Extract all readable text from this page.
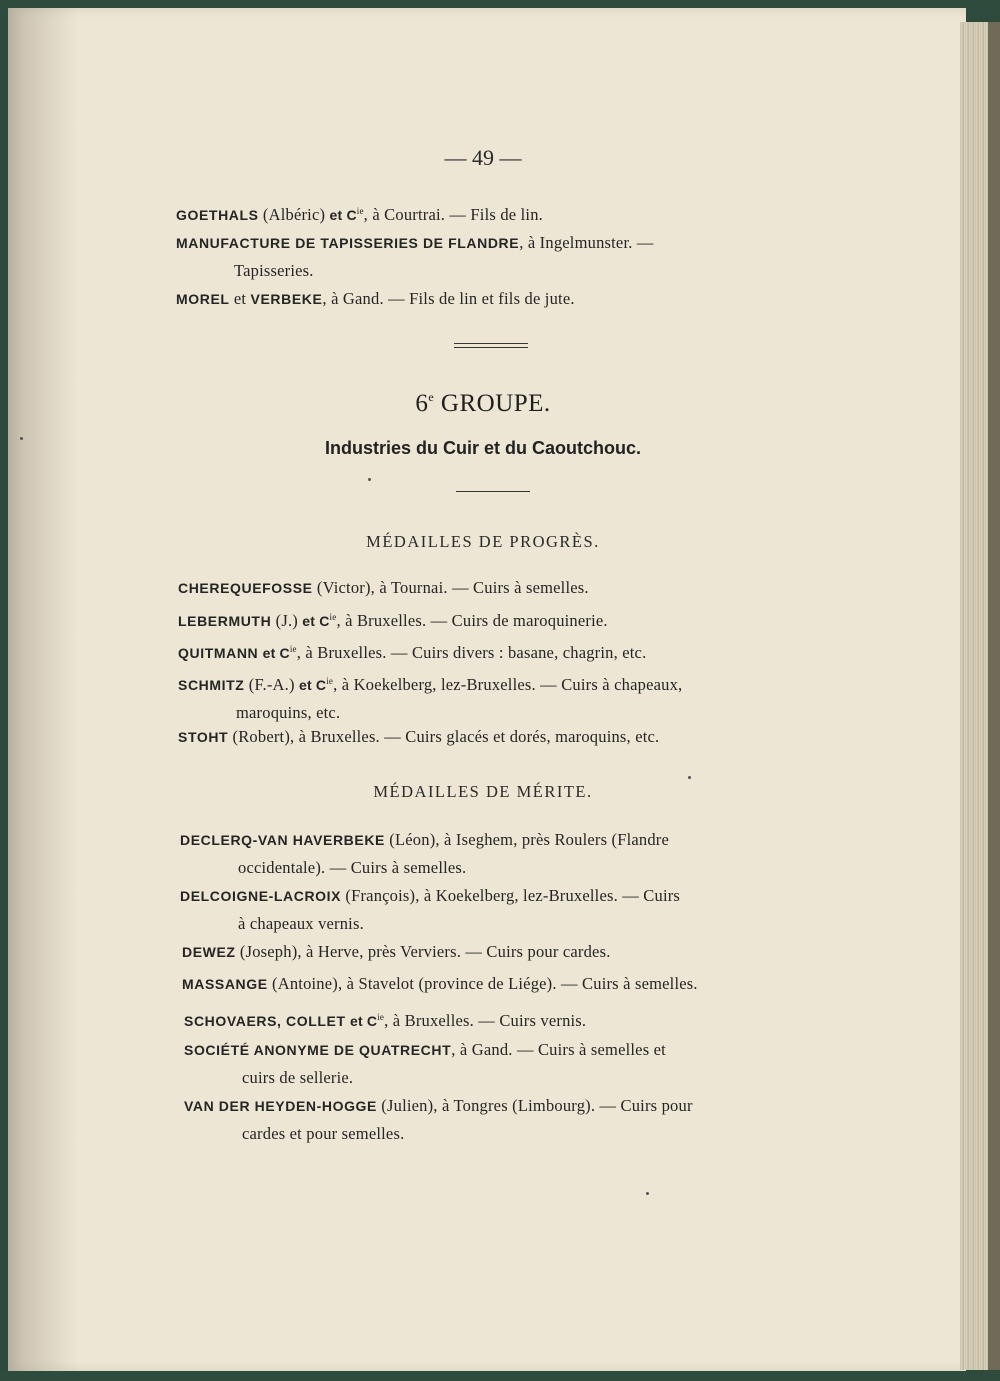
— 49 —
GOETHALS (Albéric) et $C^{ie}$, à Courtrai. — Fils de lin.
MANUFACTURE DE TAPISSERIES DE FLANDRE, à Ingelmunster. —
Tapisseries.
MOREL et VERBEKE, à Gand. — Fils de lin et fils de jute.
6e GROUPE.
Industries du Cuir et du Caoutchouc.
MÉDAILLES DE PROGRÈS.
CHEREQUEFOSSE (Victor), à Tournai. — Cuirs à semelles.
LEBERMUTH (J.) et $C^{ie}$, à Bruxelles. — Cuirs de maroquinerie.
QUITMANN et $C^{ie}$, à Bruxelles. — Cuirs divers : basane, chagrin, etc.
SCHMITZ (F.-A.) et $C^{ie}$, à Koekelberg, lez-Bruxelles. — Cuirs à chapeaux,
maroquins, etc.
STOHT (Robert), à Bruxelles. — Cuirs glacés et dorés, maroquins, etc.
MÉDAILLES DE MÉRITE.
DECLERQ-VAN HAVERBEKE (Léon), à Iseghem, près Roulers (Flandre
occidentale). — Cuirs à semelles.
DELCOIGNE-LACROIX (François), à Koekelberg, lez-Bruxelles. — Cuirs
à chapeaux vernis.
DEWEZ (Joseph), à Herve, près Verviers. — Cuirs pour cardes.
MASSANGE (Antoine), à Stavelot (province de Liége). — Cuirs à semelles.
SCHOVAERS, COLLET et $C^{ie}$, à Bruxelles. — Cuirs vernis.
SOCIÉTÉ ANONYME DE QUATRECHT, à Gand. — Cuirs à semelles et
cuirs de sellerie.
VAN DER HEYDEN-HOGGE (Julien), à Tongres (Limbourg). — Cuirs pour
cardes et pour semelles.
